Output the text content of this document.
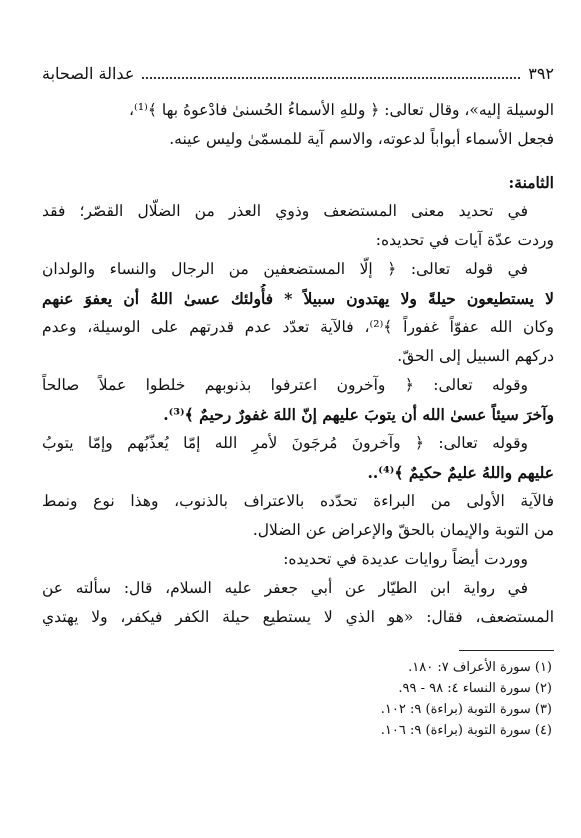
٣٩٢
عدالة الصحابة
الوسيلة إليه»، وقال تعالى: ﴿ وللهِ الأسماءُ الحُسنىٰ فادْعوهُ بها ﴾⁽¹⁾،
فجعل الأسماء أبواباً لدعوته، والاسم آية للمسمّىٰ وليس عينه.
الثامنة:
في تحديد معنى المستضعف وذوي العذر من الضلّال القصّر؛ فقد
وردت عدّة آيات في تحديده:
في قوله تعالى: ﴿ إلّا المستضعفين من الرجال والنساء والولدان
لا يستطيعون حيلةً ولا يهتدون سبيلاً * فأُولئك عسىٰ اللهُ أن يعفوَ عنهم
وكان الله عفوّاً غفوراً ﴾⁽²⁾، فالآية تعدّد عدم قدرتهم على الوسيلة، وعدم
دركهم السبيل إلى الحقّ.
وقوله تعالى: ﴿ وآخرون اعترفوا بذنوبهم خلطوا عملاً صالحاً
وآخرَ سيئاً عسىٰ الله أن يتوبَ عليهم إنّ اللهَ غفورٌ رحيمٌ ﴾⁽³⁾.
وقوله تعالى: ﴿ وآخرونَ مُرجَونَ لأمرِ الله إمّا يُعذّبُهم وإمّا يتوبُ
عليهم واللهُ عليمٌ حكيمٌ ﴾⁽⁴⁾..
فالآية الأولى من البراءة تحدّده بالاعتراف بالذنوب، وهذا نوع ونمط
من التوبة والإيمان بالحقّ والإعراض عن الضلال.
ووردت أيضاً روايات عديدة في تحديده:
في رواية ابن الطيّار عن أبي جعفر عليه السلام، قال: سألته عن
المستضعف، فقال: «هو الذي لا يستطيع حيلة الكفر فيكفر، ولا يهتدي
(١) سورة الأعراف ٧: ١٨٠.
(٢) سورة النساء ٤: ٩٨ - ٩٩.
(٣) سورة التوبة (براءة) ٩: ١٠٢.
(٤) سورة التوبة (براءة) ٩: ١٠٦.
